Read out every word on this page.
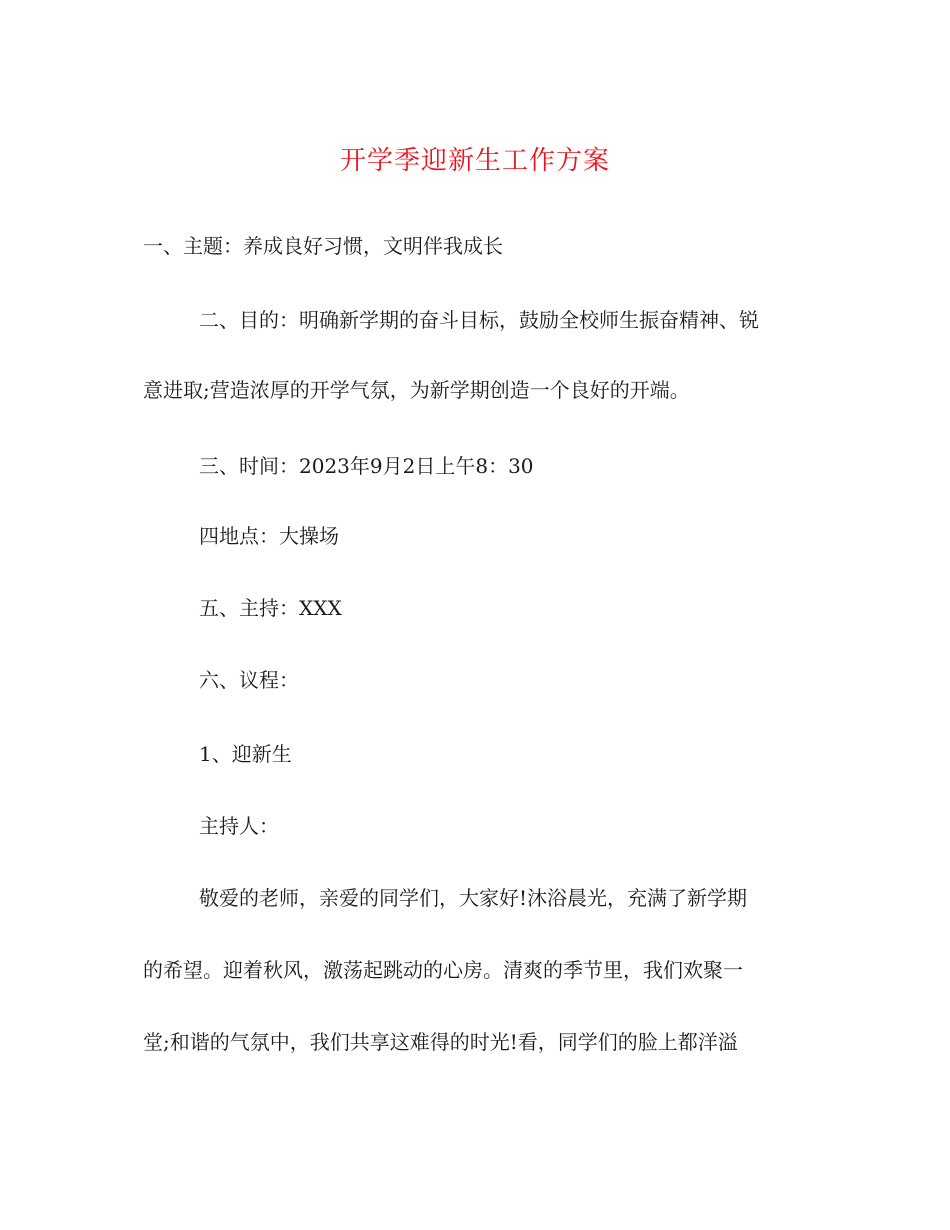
开学季迎新生工作方案
一、主题：养成良好习惯，文明伴我成长
二、目的：明确新学期的奋斗目标，鼓励全校师生振奋精神、锐
意进取;营造浓厚的开学气氛，为新学期创造一个良好的开端。
三、时间：2023年9月2日上午8：30
四地点：大操场
五、主持：XXX
六、议程：
1、迎新生
主持人：
敬爱的老师，亲爱的同学们，大家好!沐浴晨光，充满了新学期
的希望。迎着秋风，激荡起跳动的心房。清爽的季节里，我们欢聚一
堂;和谐的气氛中，我们共享这难得的时光!看，同学们的脸上都洋溢
